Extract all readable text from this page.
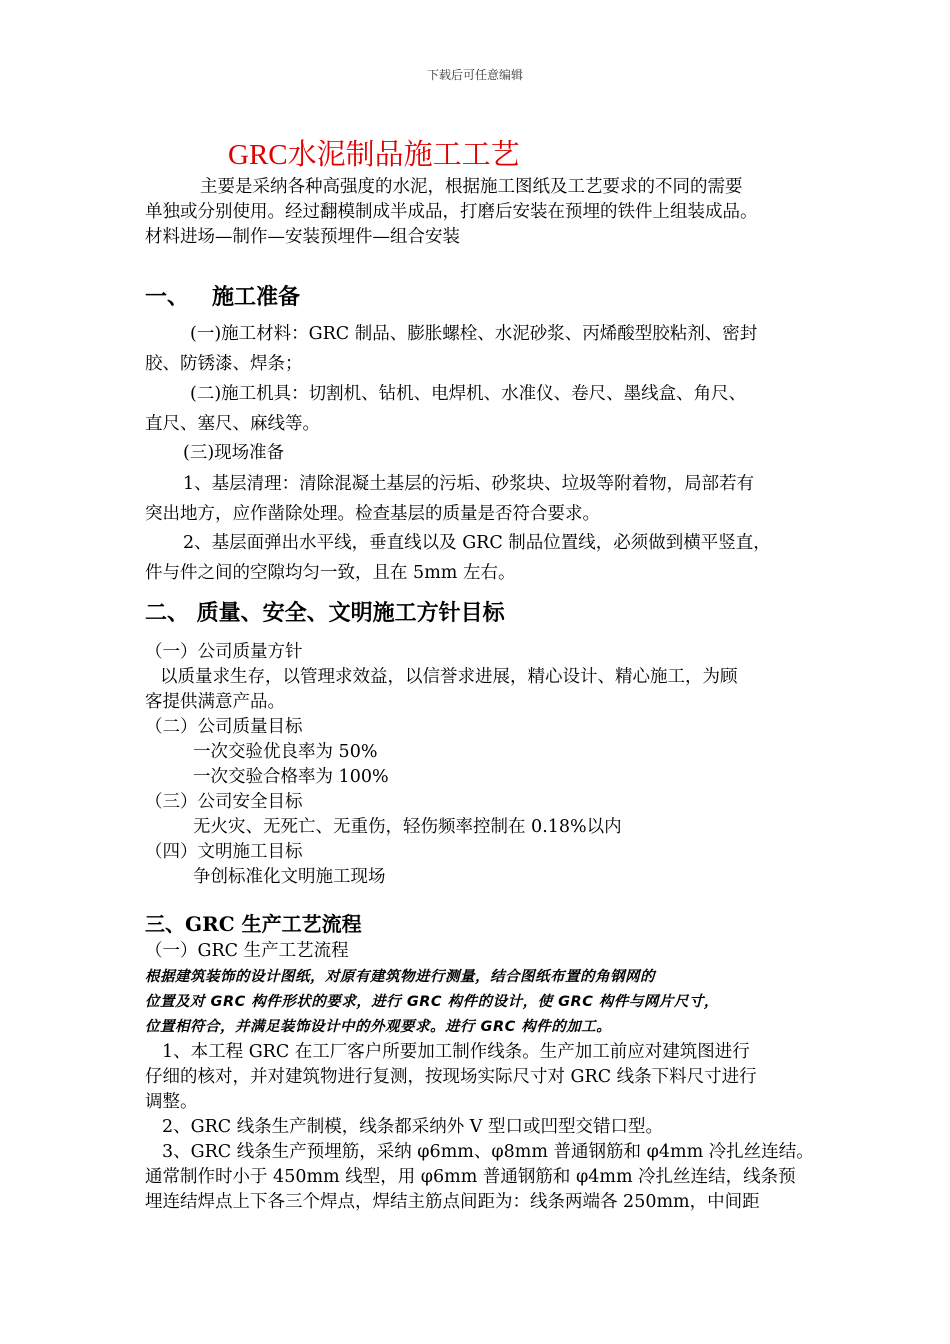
下载后可任意编辑
GRC水泥制品施工工艺
主要是采纳各种高强度的水泥，根据施工图纸及工艺要求的不同的需要
单独或分别使用。经过翻模制成半成品，打磨后安装在预埋的铁件上组装成品。
材料进场—制作—安装预埋件—组合安装
一、   施工准备
(一)施工材料：GRC 制品、膨胀螺栓、水泥砂浆、丙烯酸型胶粘剂、密封
胶、防锈漆、焊条；
(二)施工机具：切割机、钻机、电焊机、水准仪、卷尺、墨线盒、角尺、
直尺、塞尺、麻线等。
(三)现场准备
1、基层清理：清除混凝土基层的污垢、砂浆块、垃圾等附着物，局部若有
突出地方，应作凿除处理。检查基层的质量是否符合要求。
2、基层面弹出水平线，垂直线以及 GRC 制品位置线，必须做到横平竖直，
件与件之间的空隙均匀一致，且在 5mm 左右。
二、 质量、安全、文明施工方针目标
（一）公司质量方针
以质量求生存，以管理求效益，以信誉求进展，精心设计、精心施工，为顾
客提供满意产品。
（二）公司质量目标
一次交验优良率为 50%
一次交验合格率为 100%
（三）公司安全目标
无火灾、无死亡、无重伤，轻伤频率控制在 0.18%以内
（四）文明施工目标
争创标准化文明施工现场
三、GRC 生产工艺流程
（一）GRC 生产工艺流程
根据建筑装饰的设计图纸，对原有建筑物进行测量，结合图纸布置的角钢网的
位置及对 GRC 构件形状的要求，进行 GRC 构件的设计，使 GRC 构件与网片尺寸，
位置相符合，并满足装饰设计中的外观要求。进行 GRC 构件的加工。
1、本工程 GRC 在工厂客户所要加工制作线条。生产加工前应对建筑图进行
仔细的核对，并对建筑物进行复测，按现场实际尺寸对 GRC 线条下料尺寸进行
调整。
2、GRC 线条生产制模，线条都采纳外 V 型口或凹型交错口型。
3、GRC 线条生产预埋筋，采纳 φ6mm、φ8mm 普通钢筋和 φ4mm 冷扎丝连结。
通常制作时小于 450mm 线型，用 φ6mm 普通钢筋和 φ4mm 冷扎丝连结，线条预
埋连结焊点上下各三个焊点，焊结主筋点间距为：线条两端各 250mm，中间距
